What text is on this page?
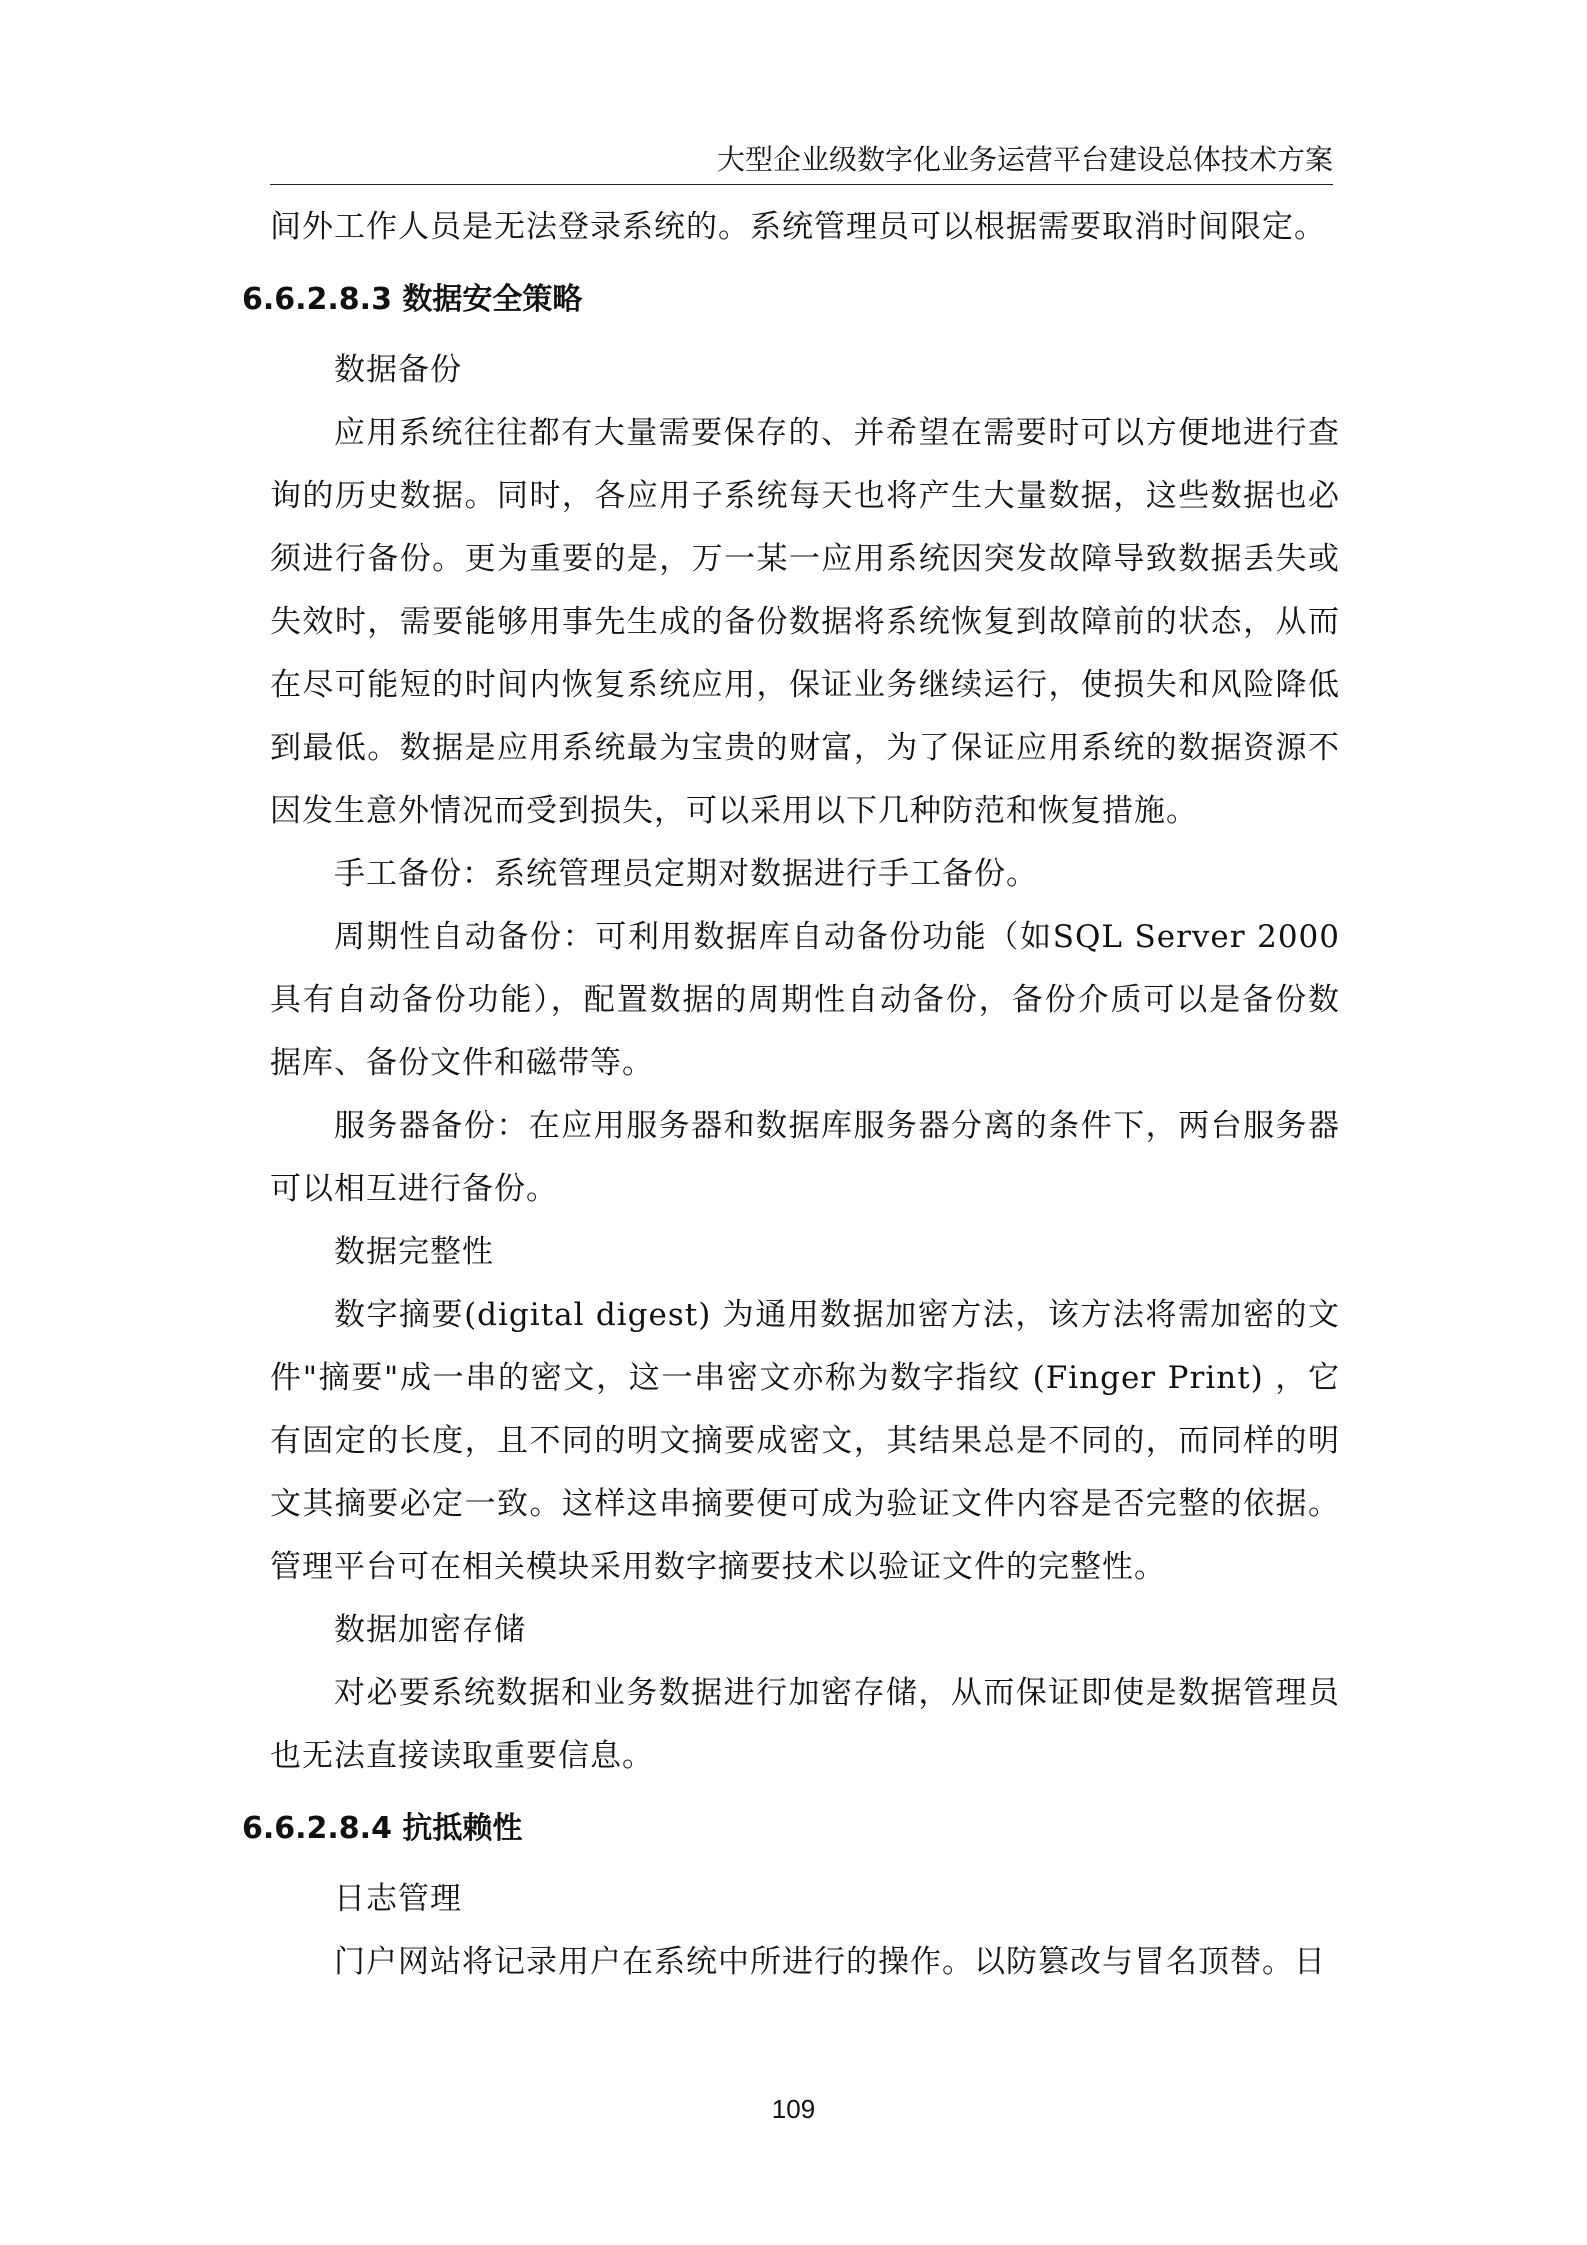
大型企业级数字化业务运营平台建设总体技术方案

间外工作人员是无法登录系统的。系统管理员可以根据需要取消时间限定。

6.6.2.8.3 数据安全策略

数据备份

应用系统往往都有大量需要保存的、并希望在需要时可以方便地进行查询的历史数据。同时，各应用子系统每天也将产生大量数据，这些数据也必须进行备份。更为重要的是，万一某一应用系统因突发故障导致数据丢失或失效时，需要能够用事先生成的备份数据将系统恢复到故障前的状态，从而在尽可能短的时间内恢复系统应用，保证业务继续运行，使损失和风险降低到最低。数据是应用系统最为宝贵的财富，为了保证应用系统的数据资源不因发生意外情况而受到损失，可以采用以下几种防范和恢复措施。

手工备份：系统管理员定期对数据进行手工备份。

周期性自动备份：可利用数据库自动备份功能（如SQL Server 2000具有自动备份功能），配置数据的周期性自动备份，备份介质可以是备份数据库、备份文件和磁带等。

服务器备份：在应用服务器和数据库服务器分离的条件下，两台服务器可以相互进行备份。

数据完整性

数字摘要(digital digest) 为通用数据加密方法，该方法将需加密的文件"摘要"成一串的密文，这一串密文亦称为数字指纹 (Finger Print) ，它有固定的长度，且不同的明文摘要成密文，其结果总是不同的，而同样的明文其摘要必定一致。这样这串摘要便可成为验证文件内容是否完整的依据。管理平台可在相关模块采用数字摘要技术以验证文件的完整性。

数据加密存储

对必要系统数据和业务数据进行加密存储，从而保证即使是数据管理员也无法直接读取重要信息。

6.6.2.8.4 抗抵赖性

日志管理

门户网站将记录用户在系统中所进行的操作。以防篡改与冒名顶替。日

109
